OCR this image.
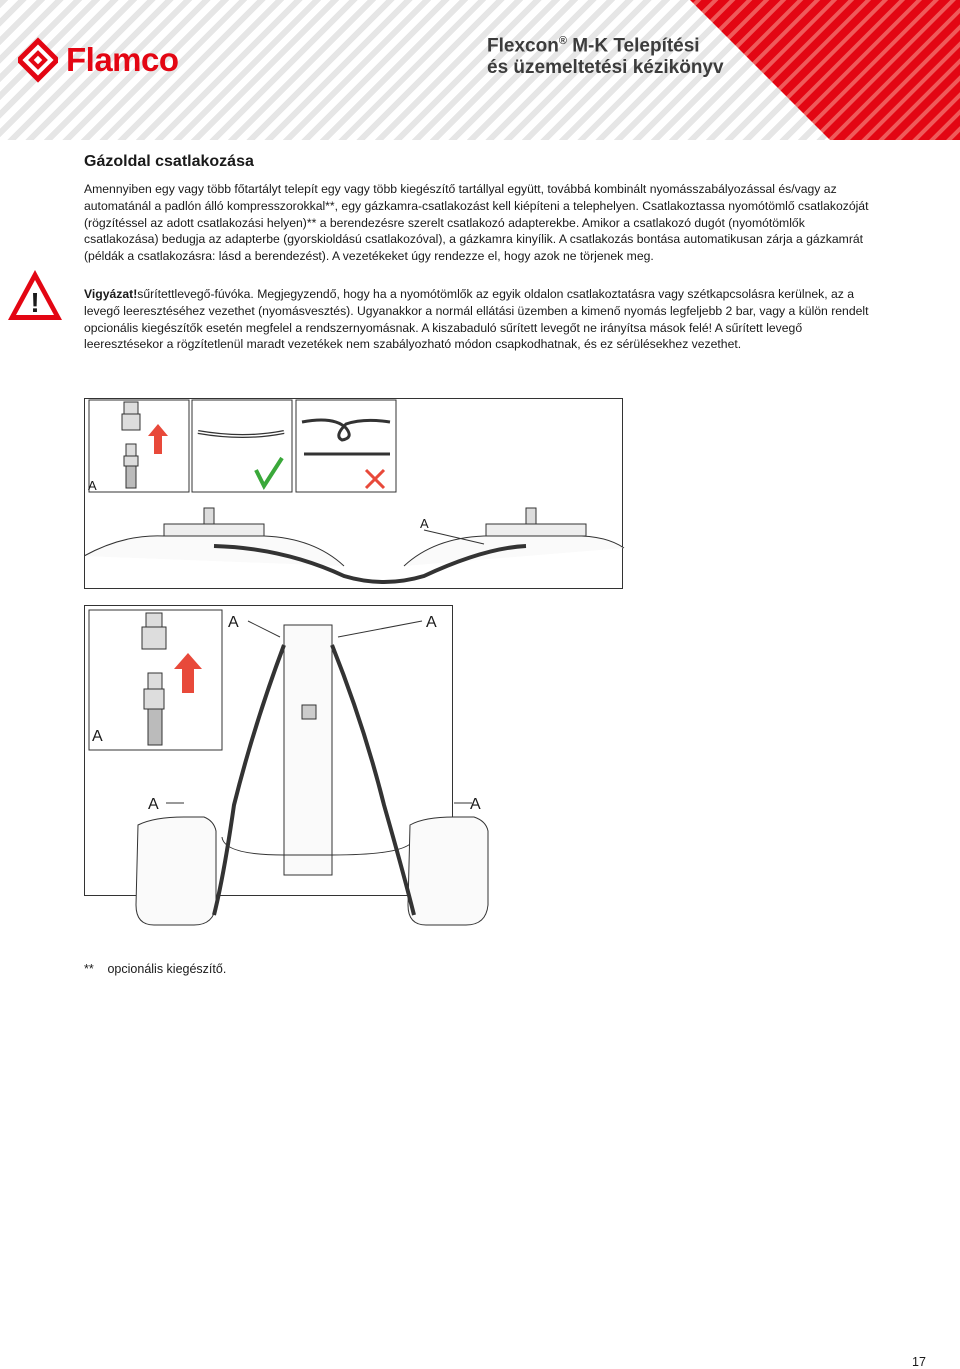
Flamco	Flexcon® M-K Telepítési
és üzemeltetési kézikönyv
Gázoldal csatlakozása
Amennyiben egy vagy több főtartályt telepít egy vagy több kiegészítő tartállyal együtt, továbbá kombinált nyomásszabályozással és/vagy az automatánál a padlón álló kompresszorokkal**, egy gázkamra-csatlakozást kell kiépíteni a telephelyen. Csatlakoztassa nyomótömlő csatlakozóját (rögzítéssel az adott csatlakozási helyen)** a berendezésre szerelt csatlakozó adapterekbe. Amikor a csatlakozó dugót (nyomótömlők csatlakozása) bedugja az adapterbe (gyorskioldású csatlakozóval), a gázkamra kinyílik. A csatlakozás bontása automatikusan zárja a gázkamrát (példák a csatlakozásra: lásd a berendezést). A vezetékeket úgy rendezze el, hogy azok ne törjenek meg.
!	Vigyázat!sűrítettlevegő-fúvóka. Megjegyzendő, hogy ha a nyomótömlők az egyik oldalon csatlakoztatásra vagy szétkapcsolásra kerülnek, az a levegő leeresztéséhez vezethet (nyomásvesztés). Ugyanakkor a normál ellátási üzemben a kimenő nyomás legfeljebb 2 bar, vagy a külön rendelt opcionális kiegészítők esetén megfelel a rendszernyomásnak. A kiszabaduló sűrített levegőt ne irányítsa mások felé! A sűrített levegő leeresztésekor a rögzítetlenül maradt vezetékek nem szabályozható módon csapkodhatnak, és ez sérülésekhez vezethet.
A
A
A
A	A
A	A
** opcionális kiegészítő.
17
